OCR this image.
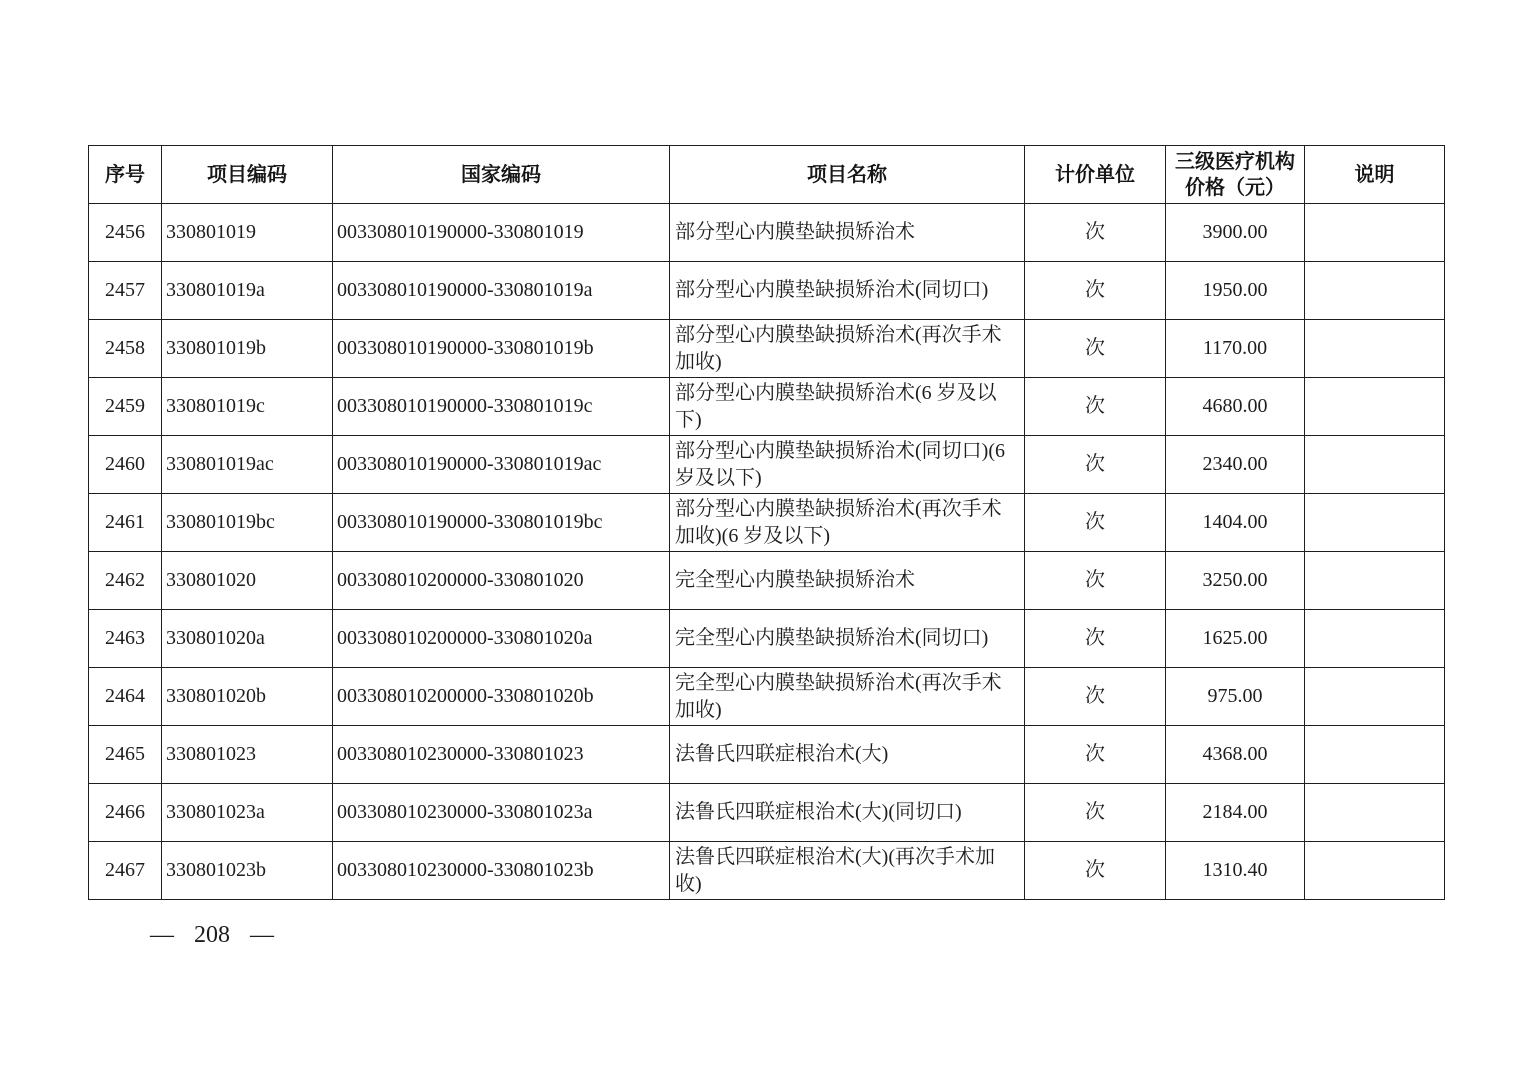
序号	项目编码	国家编码	项目名称	计价单位	三级医疗机构价格（元）	说明
2456	330801019	003308010190000-330801019	部分型心内膜垫缺损矫治术	次	3900.00	
2457	330801019a	003308010190000-330801019a	部分型心内膜垫缺损矫治术(同切口)	次	1950.00	
2458	330801019b	003308010190000-330801019b	部分型心内膜垫缺损矫治术(再次手术加收)	次	1170.00	
2459	330801019c	003308010190000-330801019c	部分型心内膜垫缺损矫治术(6 岁及以下)	次	4680.00	
2460	330801019ac	003308010190000-330801019ac	部分型心内膜垫缺损矫治术(同切口)(6 岁及以下)	次	2340.00	
2461	330801019bc	003308010190000-330801019bc	部分型心内膜垫缺损矫治术(再次手术加收)(6 岁及以下)	次	1404.00	
2462	330801020	003308010200000-330801020	完全型心内膜垫缺损矫治术	次	3250.00	
2463	330801020a	003308010200000-330801020a	完全型心内膜垫缺损矫治术(同切口)	次	1625.00	
2464	330801020b	003308010200000-330801020b	完全型心内膜垫缺损矫治术(再次手术加收)	次	975.00	
2465	330801023	003308010230000-330801023	法鲁氏四联症根治术(大)	次	4368.00	
2466	330801023a	003308010230000-330801023a	法鲁氏四联症根治术(大)(同切口)	次	2184.00	
2467	330801023b	003308010230000-330801023b	法鲁氏四联症根治术(大)(再次手术加收)	次	1310.40	
— 208 —
